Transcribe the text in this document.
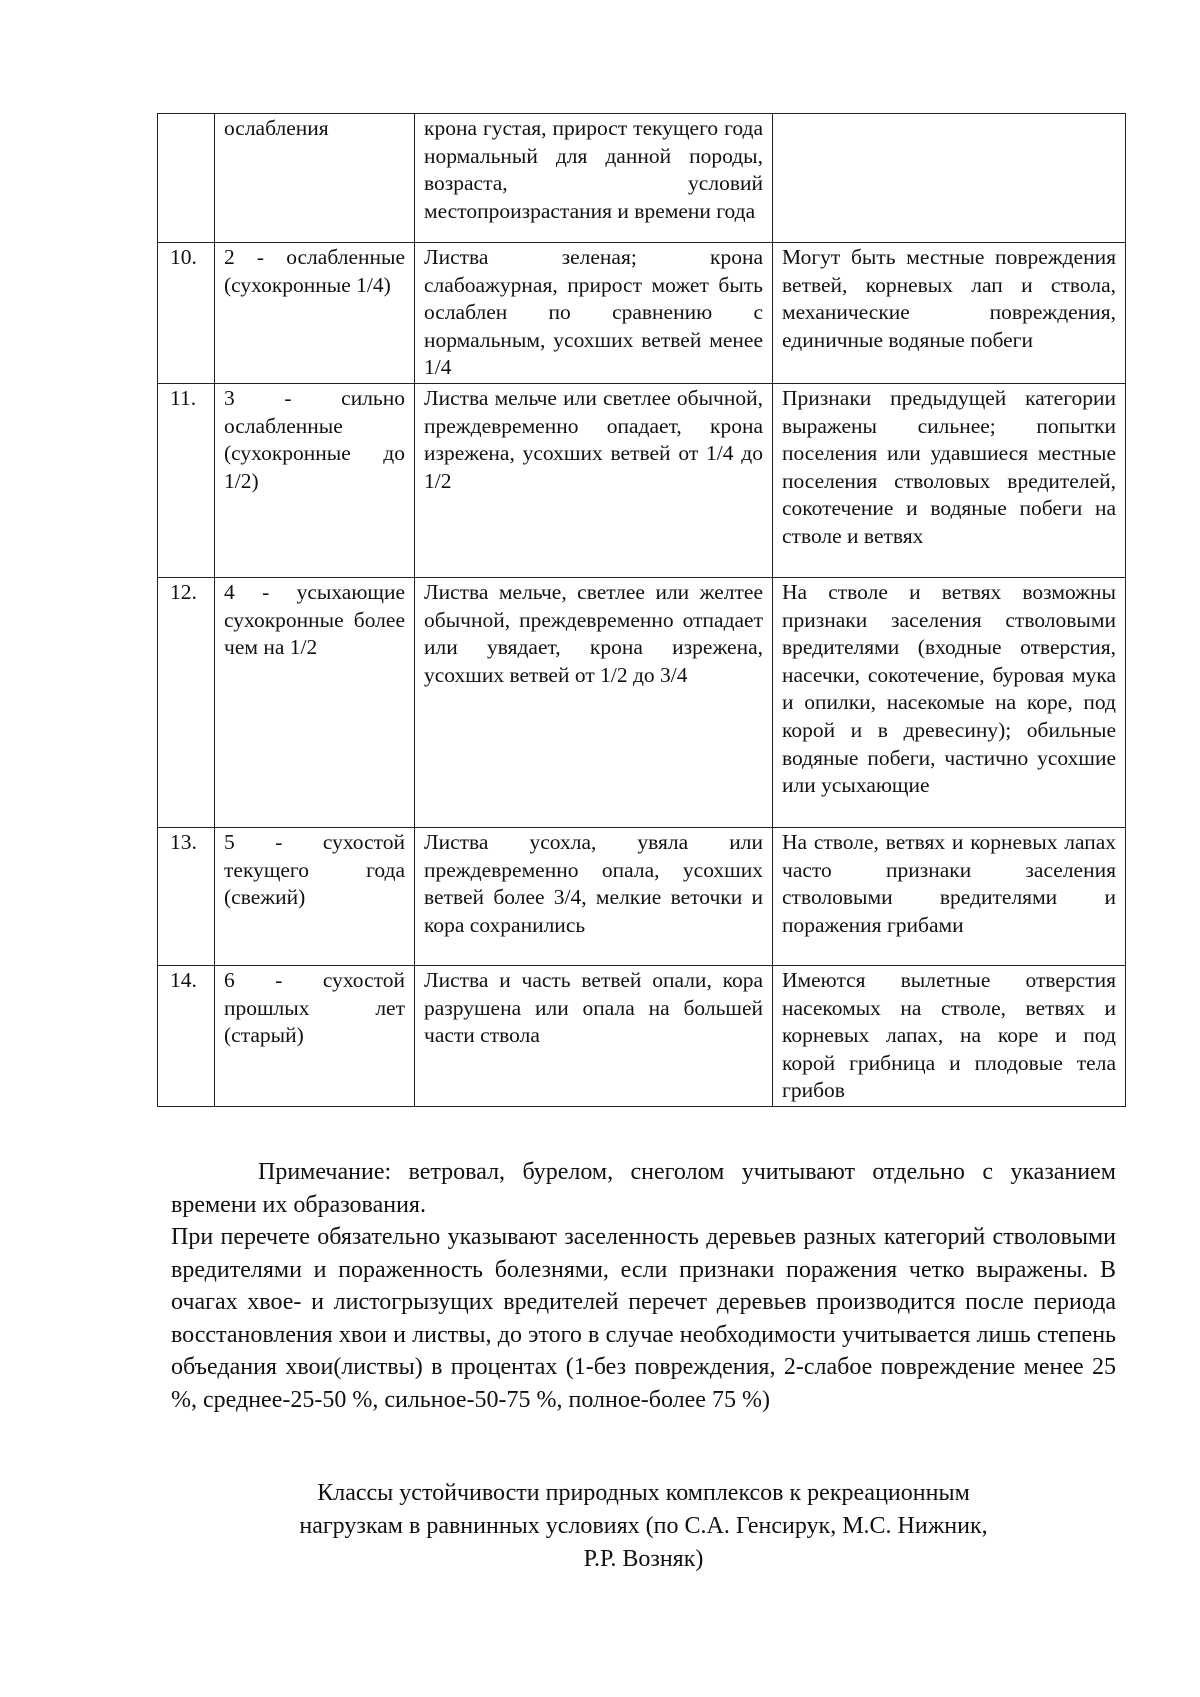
	ослабления	крона густая, прирост текущего года нормальный для данной породы, возраста, условий местопроизрастания и времени года	
10.	2 - ослабленные (сухокронные 1/4)	Листва зеленая; крона слабоажурная, прирост может быть ослаблен по сравнению с нормальным, усохших ветвей менее 1/4	Могут быть местные повреждения ветвей, корневых лап и ствола, механические повреждения, единичные водяные побеги
11.	3 - сильно ослабленные (сухокронные до 1/2)	Листва мельче или светлее обычной, преждевременно опадает, крона изрежена, усохших ветвей от 1/4 до 1/2	Признаки предыдущей категории выражены сильнее; попытки поселения или удавшиеся местные поселения стволовых вредителей, сокотечение и водяные побеги на стволе и ветвях
12.	4 - усыхающие сухокронные более чем на 1/2	Листва мельче, светлее или желтее обычной, преждевременно отпадает или увядает, крона изрежена, усохших ветвей от 1/2 до 3/4	На стволе и ветвях возможны признаки заселения стволовыми вредителями (входные отверстия, насечки, сокотечение, буровая мука и опилки, насекомые на коре, под корой и в древесину); обильные водяные побеги, частично усохшие или усыхающие
13.	5 - сухостой текущего года (свежий)	Листва усохла, увяла или преждевременно опала, усохших ветвей более 3/4, мелкие веточки и кора сохранились	На стволе, ветвях и корневых лапах часто признаки заселения стволовыми вредителями и поражения грибами
14.	6 - сухостой прошлых лет (старый)	Листва и часть ветвей опали, кора разрушена или опала на большей части ствола	Имеются вылетные отверстия насекомых на стволе, ветвях и корневых лапах, на коре и под корой грибница и плодовые тела грибов

Примечание: ветровал, бурелом, снеголом учитывают отдельно с указанием времени их образования.

При перечете обязательно указывают заселенность деревьев разных категорий стволовыми вредителями и пораженность болезнями, если признаки поражения четко выражены. В очагах хвое- и листогрызущих вредителей перечет деревьев производится после периода восстановления хвои и листвы, до этого в случае необходимости учитывается лишь степень объедания хвои(листвы) в процентах (1-без повреждения, 2-слабое повреждение менее 25 %, среднее-25-50 %, сильное-50-75 %, полное-более 75 %)

Классы устойчивости природных комплексов к рекреационным
нагрузкам в равнинных условиях (по С.А. Генсирук, М.С. Нижник,
Р.Р. Возняк)
